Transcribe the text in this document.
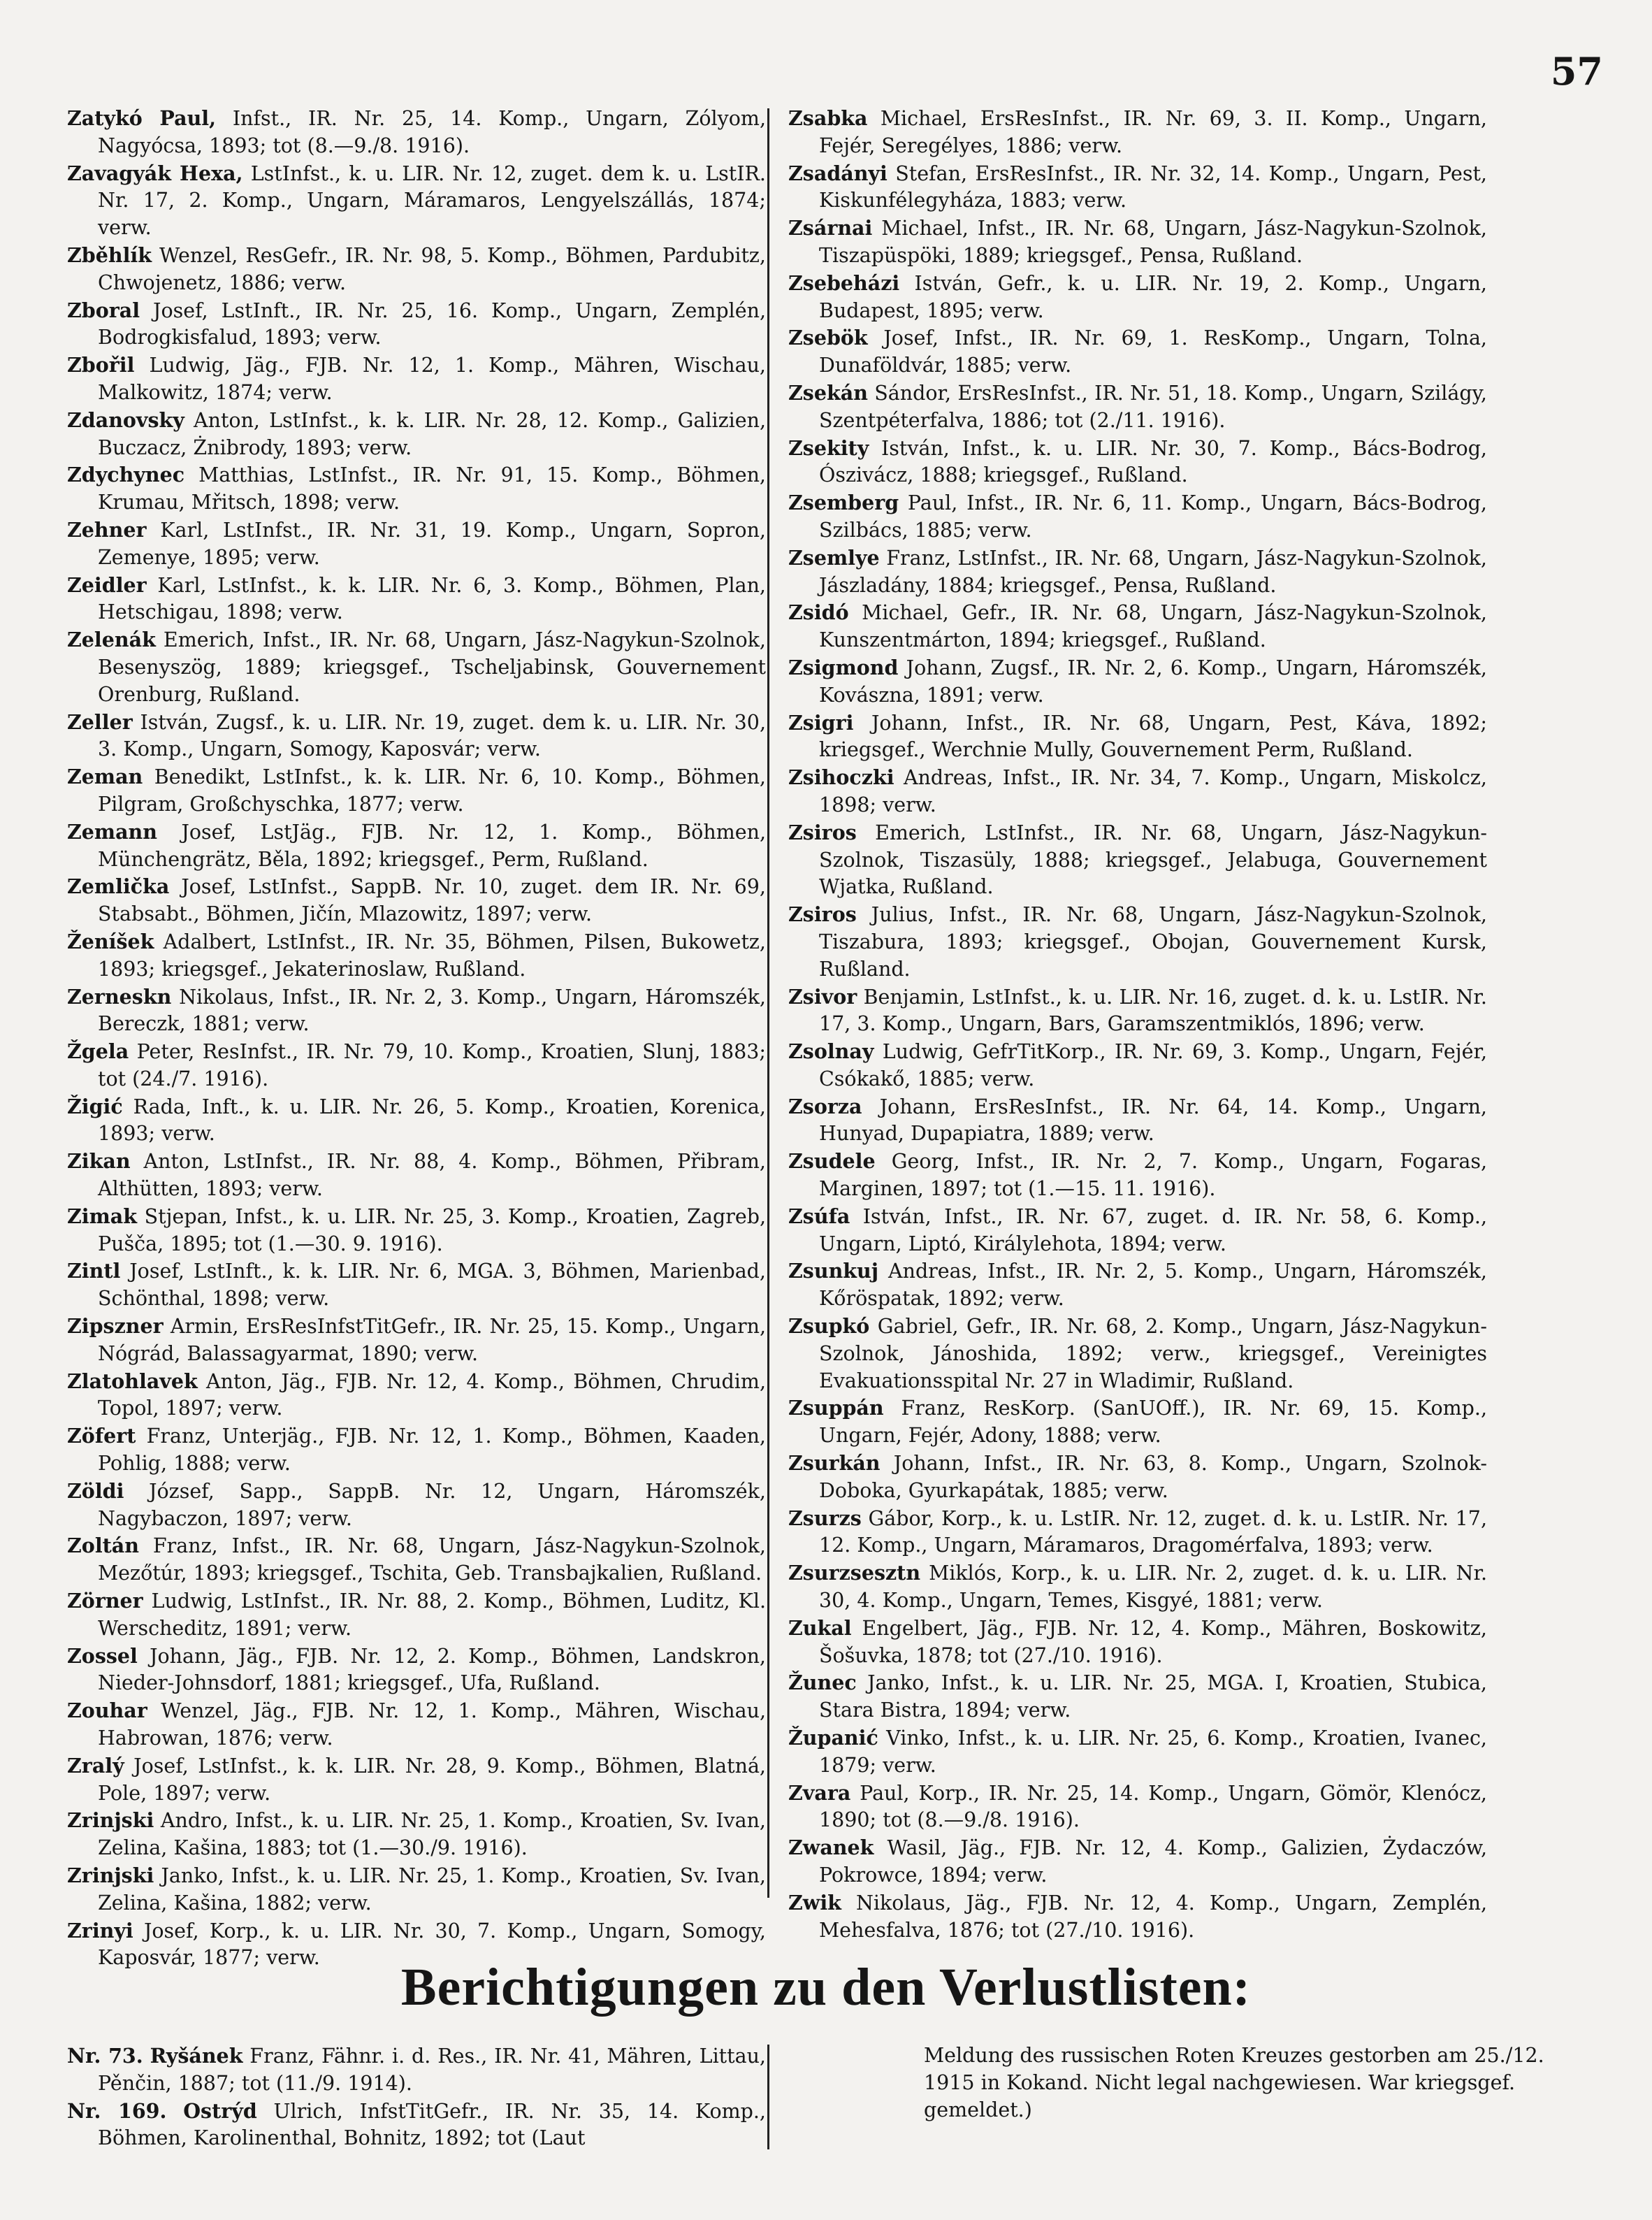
57

Zatykó Paul, Infst., IR. Nr. 25, 14. Komp., Ungarn, Zólyom, Nagyócsa, 1893; tot (8.—9./8. 1916).

Zavagyák Hexa, LstInfst., k. u. LIR. Nr. 12, zuget. dem k. u. LstIR. Nr. 17, 2. Komp., Ungarn, Máramaros, Lengyelszállás, 1874; verw.

Zběhlík Wenzel, ResGefr., IR. Nr. 98, 5. Komp., Böhmen, Pardubitz, Chwojenetz, 1886; verw.

Zboral Josef, LstInft., IR. Nr. 25, 16. Komp., Ungarn, Zemplén, Bodrogkisfalud, 1893; verw.

Zbořil Ludwig, Jäg., FJB. Nr. 12, 1. Komp., Mähren, Wischau, Malkowitz, 1874; verw.

Zdanovsky Anton, LstInfst., k. k. LIR. Nr. 28, 12. Komp., Galizien, Buczacz, Żnibrody, 1893; verw.

Zdychynec Matthias, LstInfst., IR. Nr. 91, 15. Komp., Böhmen, Krumau, Mřitsch, 1898; verw.

Zehner Karl, LstInfst., IR. Nr. 31, 19. Komp., Ungarn, Sopron, Zemenye, 1895; verw.

Zeidler Karl, LstInfst., k. k. LIR. Nr. 6, 3. Komp., Böhmen, Plan, Hetschigau, 1898; verw.

Zelenák Emerich, Infst., IR. Nr. 68, Ungarn, Jász-Nagykun-Szolnok, Besenyszög, 1889; kriegsgef., Tscheljabinsk, Gouvernement Orenburg, Rußland.

Zeller István, Zugsf., k. u. LIR. Nr. 19, zuget. dem k. u. LIR. Nr. 30, 3. Komp., Ungarn, Somogy, Kaposvár; verw.

Zeman Benedikt, LstInfst., k. k. LIR. Nr. 6, 10. Komp., Böhmen, Pilgram, Großchyschka, 1877; verw.

Zemann Josef, LstJäg., FJB. Nr. 12, 1. Komp., Böhmen, Münchengrätz, Běla, 1892; kriegsgef., Perm, Rußland.

Zemlička Josef, LstInfst., SappB. Nr. 10, zuget. dem IR. Nr. 69, Stabsabt., Böhmen, Jičín, Mlazowitz, 1897; verw.

Ženíšek Adalbert, LstInfst., IR. Nr. 35, Böhmen, Pilsen, Bukowetz, 1893; kriegsgef., Jekaterinoslaw, Rußland.

Zerneskn Nikolaus, Infst., IR. Nr. 2, 3. Komp., Ungarn, Háromszék, Bereczk, 1881; verw.

Žgela Peter, ResInfst., IR. Nr. 79, 10. Komp., Kroatien, Slunj, 1883; tot (24./7. 1916).

Žigić Rada, Inft., k. u. LIR. Nr. 26, 5. Komp., Kroatien, Korenica, 1893; verw.

Zikan Anton, LstInfst., IR. Nr. 88, 4. Komp., Böhmen, Přibram, Althütten, 1893; verw.

Zimak Stjepan, Infst., k. u. LIR. Nr. 25, 3. Komp., Kroatien, Zagreb, Pušča, 1895; tot (1.—30. 9. 1916).

Zintl Josef, LstInft., k. k. LIR. Nr. 6, MGA. 3, Böhmen, Marienbad, Schönthal, 1898; verw.

Zipszner Armin, ErsResInfstTitGefr., IR. Nr. 25, 15. Komp., Ungarn, Nógrád, Balassagyarmat, 1890; verw.

Zlatohlavek Anton, Jäg., FJB. Nr. 12, 4. Komp., Böhmen, Chrudim, Topol, 1897; verw.

Zöfert Franz, Unterjäg., FJB. Nr. 12, 1. Komp., Böhmen, Kaaden, Pohlig, 1888; verw.

Zöldi József, Sapp., SappB. Nr. 12, Ungarn, Háromszék, Nagybaczon, 1897; verw.

Zoltán Franz, Infst., IR. Nr. 68, Ungarn, Jász-Nagykun-Szolnok, Mezőtúr, 1893; kriegsgef., Tschita, Geb. Transbajkalien, Rußland.

Zörner Ludwig, LstInfst., IR. Nr. 88, 2. Komp., Böhmen, Luditz, Kl. Werscheditz, 1891; verw.

Zossel Johann, Jäg., FJB. Nr. 12, 2. Komp., Böhmen, Landskron, Nieder-Johnsdorf, 1881; kriegsgef., Ufa, Rußland.

Zouhar Wenzel, Jäg., FJB. Nr. 12, 1. Komp., Mähren, Wischau, Habrowan, 1876; verw.

Zralý Josef, LstInfst., k. k. LIR. Nr. 28, 9. Komp., Böhmen, Blatná, Pole, 1897; verw.

Zrinjski Andro, Infst., k. u. LIR. Nr. 25, 1. Komp., Kroatien, Sv. Ivan, Zelina, Kašina, 1883; tot (1.—30./9. 1916).

Zrinjski Janko, Infst., k. u. LIR. Nr. 25, 1. Komp., Kroatien, Sv. Ivan, Zelina, Kašina, 1882; verw.

Zrinyi Josef, Korp., k. u. LIR. Nr. 30, 7. Komp., Ungarn, Somogy, Kaposvár, 1877; verw.

Zsabka Michael, ErsResInfst., IR. Nr. 69, 3. II. Komp., Ungarn, Fejér, Seregélyes, 1886; verw.

Zsadányi Stefan, ErsResInfst., IR. Nr. 32, 14. Komp., Ungarn, Pest, Kiskunfélegyháza, 1883; verw.

Zsárnai Michael, Infst., IR. Nr. 68, Ungarn, Jász-Nagykun-Szolnok, Tiszapüspöki, 1889; kriegsgef., Pensa, Rußland.

Zsebeházi István, Gefr., k. u. LIR. Nr. 19, 2. Komp., Ungarn, Budapest, 1895; verw.

Zsebök Josef, Infst., IR. Nr. 69, 1. ResKomp., Ungarn, Tolna, Dunaföldvár, 1885; verw.

Zsekán Sándor, ErsResInfst., IR. Nr. 51, 18. Komp., Ungarn, Szilágy, Szentpéterfalva, 1886; tot (2./11. 1916).

Zsekity István, Infst., k. u. LIR. Nr. 30, 7. Komp., Bács-Bodrog, Ószivácz, 1888; kriegsgef., Rußland.

Zsemberg Paul, Infst., IR. Nr. 6, 11. Komp., Ungarn, Bács-Bodrog, Szilbács, 1885; verw.

Zsemlye Franz, LstInfst., IR. Nr. 68, Ungarn, Jász-Nagykun-Szolnok, Jászladány, 1884; kriegsgef., Pensa, Rußland.

Zsidó Michael, Gefr., IR. Nr. 68, Ungarn, Jász-Nagykun-Szolnok, Kunszentmárton, 1894; kriegsgef., Rußland.

Zsigmond Johann, Zugsf., IR. Nr. 2, 6. Komp., Ungarn, Háromszék, Kovászna, 1891; verw.

Zsigri Johann, Infst., IR. Nr. 68, Ungarn, Pest, Káva, 1892; kriegsgef., Werchnie Mully, Gouvernement Perm, Rußland.

Zsihoczki Andreas, Infst., IR. Nr. 34, 7. Komp., Ungarn, Miskolcz, 1898; verw.

Zsiros Emerich, LstInfst., IR. Nr. 68, Ungarn, Jász-Nagykun-Szolnok, Tiszasüly, 1888; kriegsgef., Jelabuga, Gouvernement Wjatka, Rußland.

Zsiros Julius, Infst., IR. Nr. 68, Ungarn, Jász-Nagykun-Szolnok, Tiszabura, 1893; kriegsgef., Obojan, Gouvernement Kursk, Rußland.

Zsivor Benjamin, LstInfst., k. u. LIR. Nr. 16, zuget. d. k. u. LstIR. Nr. 17, 3. Komp., Ungarn, Bars, Garamszentmiklós, 1896; verw.

Zsolnay Ludwig, GefrTitKorp., IR. Nr. 69, 3. Komp., Ungarn, Fejér, Csókakő, 1885; verw.

Zsorza Johann, ErsResInfst., IR. Nr. 64, 14. Komp., Ungarn, Hunyad, Dupapiatra, 1889; verw.

Zsudele Georg, Infst., IR. Nr. 2, 7. Komp., Ungarn, Fogaras, Marginen, 1897; tot (1.—15. 11. 1916).

Zsúfa István, Infst., IR. Nr. 67, zuget. d. IR. Nr. 58, 6. Komp., Ungarn, Liptó, Királylehota, 1894; verw.

Zsunkuj Andreas, Infst., IR. Nr. 2, 5. Komp., Ungarn, Háromszék, Kőröspatak, 1892; verw.

Zsupkó Gabriel, Gefr., IR. Nr. 68, 2. Komp., Ungarn, Jász-Nagykun-Szolnok, Jánoshida, 1892; verw., kriegsgef., Vereinigtes Evakuationsspital Nr. 27 in Wladimir, Rußland.

Zsuppán Franz, ResKorp. (SanUOff.), IR. Nr. 69, 15. Komp., Ungarn, Fejér, Adony, 1888; verw.

Zsurkán Johann, Infst., IR. Nr. 63, 8. Komp., Ungarn, Szolnok-Doboka, Gyurkapátak, 1885; verw.

Zsurzs Gábor, Korp., k. u. LstIR. Nr. 12, zuget. d. k. u. LstIR. Nr. 17, 12. Komp., Ungarn, Máramaros, Dragomérfalva, 1893; verw.

Zsurzsesztn Miklós, Korp., k. u. LIR. Nr. 2, zuget. d. k. u. LIR. Nr. 30, 4. Komp., Ungarn, Temes, Kisgyé, 1881; verw.

Zukal Engelbert, Jäg., FJB. Nr. 12, 4. Komp., Mähren, Boskowitz, Šošuvka, 1878; tot (27./10. 1916).

Žunec Janko, Infst., k. u. LIR. Nr. 25, MGA. I, Kroatien, Stubica, Stara Bistra, 1894; verw.

Županić Vinko, Infst., k. u. LIR. Nr. 25, 6. Komp., Kroatien, Ivanec, 1879; verw.

Zvara Paul, Korp., IR. Nr. 25, 14. Komp., Ungarn, Gömör, Klenócz, 1890; tot (8.—9./8. 1916).

Zwanek Wasil, Jäg., FJB. Nr. 12, 4. Komp., Galizien, Żydaczów, Pokrowce, 1894; verw.

Zwik Nikolaus, Jäg., FJB. Nr. 12, 4. Komp., Ungarn, Zemplén, Mehesfalva, 1876; tot (27./10. 1916).

Berichtigungen zu den Verlustlisten:

Nr. 73. Ryšánek Franz, Fähnr. i. d. Res., IR. Nr. 41, Mähren, Littau, Pěnčin, 1887; tot (11./9. 1914).

Nr. 169. Ostrýd Ulrich, InfstTitGefr., IR. Nr. 35, 14. Komp., Böhmen, Karolinenthal, Bohnitz, 1892; tot (Laut

Meldung des russischen Roten Kreuzes gestorben am 25./12. 1915 in Kokand. Nicht legal nachgewiesen. War kriegsgef. gemeldet.)
